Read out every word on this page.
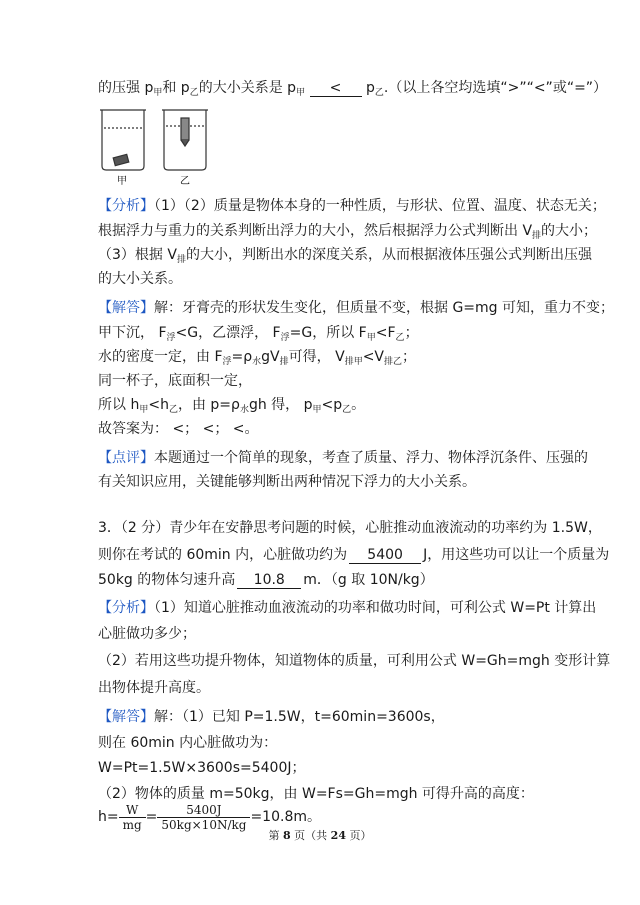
的压强 $p_甲$和 $p_乙$的大小关系是 $p_甲 < p_乙$.（以上各空均选填“>”“<”或“=”）
甲	乙
【分析】（1）（2）质量是物体本身的一种性质，与形状、位置、温度、状态无关；
根据浮力与重力的关系判断出浮力的大小，然后根据浮力公式判断出 $V_排$的大小；
（3）根据 $V_排$的大小，判断出水的深度关系，从而根据液体压强公式判断出压强
的大小关系。
【解答】解：牙膏壳的形状发生变化，但质量不变，根据 G=mg 可知，重力不变；
甲下沉， $F_浮<G$，乙漂浮， $F_浮=G$，所以 $F_甲<F_乙$；
水的密度一定，由 $F_浮=\rho_水gV_排$可得， $V_{排甲}<V_{排乙}$；
同一杯子，底面积一定，
所以 $h_甲<h_乙$，由 $p=\rho_水gh$ 得， $p_甲<p_乙$。
故答案为： <； <； <。
【点评】本题通过一个简单的现象，考查了质量、浮力、物体浮沉条件、压强的
有关知识应用，关键能够判断出两种情况下浮力的大小关系。
3．（2 分）青少年在安静思考问题的时候，心脏推动血液流动的功率约为 1.5W，
则你在考试的 60min 内，心脏做功约为 5400 J，用这些功可以让一个质量为
50kg 的物体匀速升高 10.8 m．（g 取 10N/kg）
【分析】（1）知道心脏推动血液流动的功率和做功时间，可利公式 W=Pt 计算出
心脏做功多少；
（2）若用这些功提升物体，知道物体的质量，可利用公式 W=Gh=mgh 变形计算
出物体提升高度。
【解答】解：（1）已知 P=1.5W，t=60min=3600s，
则在 60min 内心脏做功为：
W=Pt=1.5W×3600s=5400J；
（2）物体的质量 m=50kg，由 W=Fs=Gh=mgh 可得升高的高度：
$h= \frac{W}{mg} = \frac{5400J}{50kg\times 10N/kg} =10.8m$。
第 8 页（共 24 页）
